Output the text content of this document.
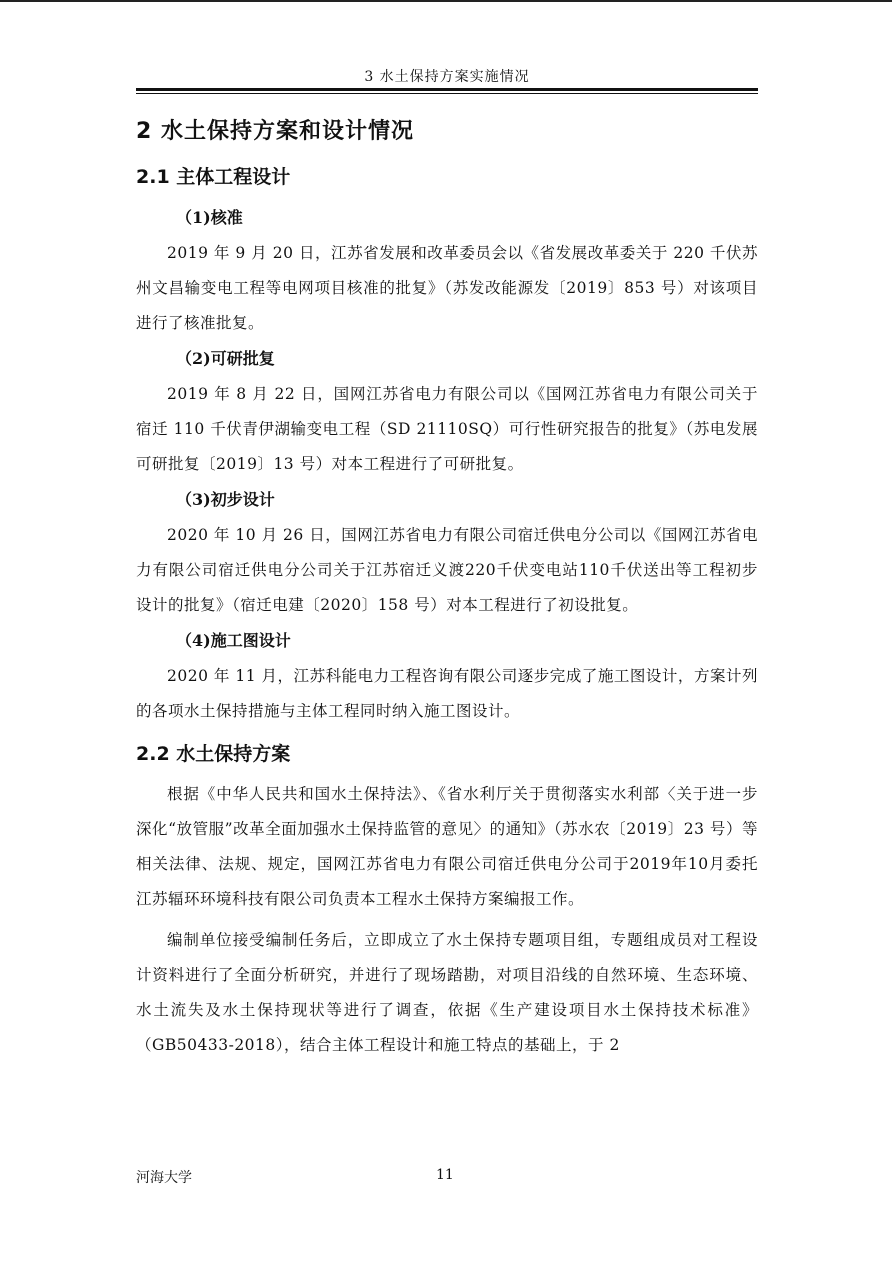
3 水土保持方案实施情况
2 水土保持方案和设计情况
2.1 主体工程设计
（1)核准

2019 年 9 月 20 日，江苏省发展和改革委员会以《省发展改革委关于 220 千伏苏州文昌输变电工程等电网项目核准的批复》（苏发改能源发〔2019〕853 号）对该项目进行了核准批复。

（2)可研批复

2019 年 8 月 22 日，国网江苏省电力有限公司以《国网江苏省电力有限公司关于宿迁 110 千伏青伊湖输变电工程（SD 21110SQ）可行性研究报告的批复》（苏电发展可研批复〔2019〕13 号）对本工程进行了可研批复。

（3)初步设计

2020 年 10 月 26 日，国网江苏省电力有限公司宿迁供电分公司以《国网江苏省电力有限公司宿迁供电分公司关于江苏宿迁义渡220千伏变电站110千伏送出等工程初步设计的批复》（宿迁电建〔2020〕158 号）对本工程进行了初设批复。

（4)施工图设计

2020 年 11 月，江苏科能电力工程咨询有限公司逐步完成了施工图设计，方案计列的各项水土保持措施与主体工程同时纳入施工图设计。

2.2 水土保持方案

根据《中华人民共和国水土保持法》、《省水利厅关于贯彻落实水利部〈关于进一步深化“放管服”改革全面加强水土保持监管的意见〉的通知》（苏水农〔2019〕23 号）等相关法律、法规、规定，国网江苏省电力有限公司宿迁供电分公司于2019年10月委托江苏辐环环境科技有限公司负责本工程水土保持方案编报工作。

编制单位接受编制任务后，立即成立了水土保持专题项目组，专题组成员对工程设计资料进行了全面分析研究，并进行了现场踏勘，对项目沿线的自然环境、生态环境、水土流失及水土保持现状等进行了调查，依据《生产建设项目水土保持技术标准》（GB50433-2018），结合主体工程设计和施工特点的基础上，于 2

河海大学	11
